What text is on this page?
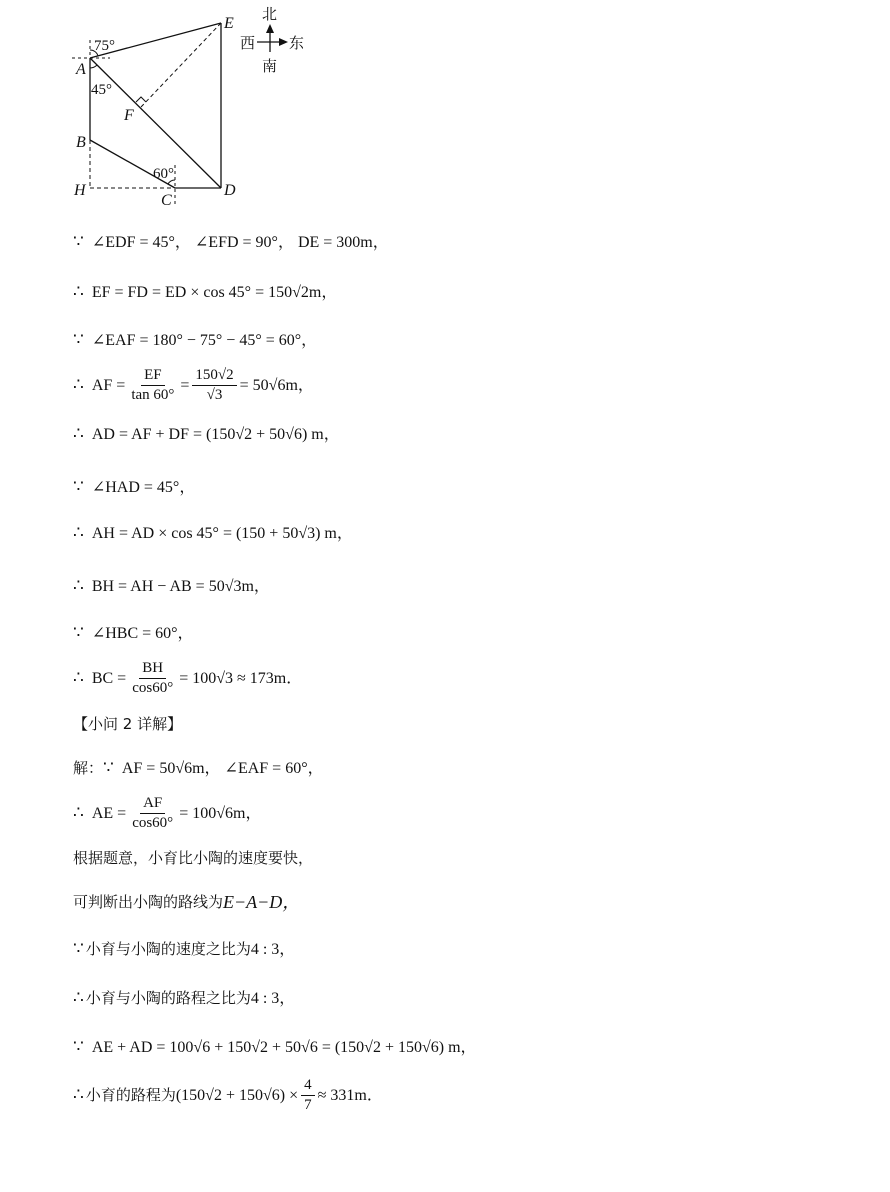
75°
45°
60°
A
B
H
C
D
E
F
北
西 东
南
∵ ∠EDF = 45°， ∠EFD = 90°， DE = 300m，
∴ EF = FD = ED × cos 45° = 150√2m，
∵ ∠EAF = 180° − 75° − 45° = 60°，
∴ AF = $\frac{EF}{\tan 60^\circ} = \frac{150√2}{√3} = 50√6m$，
∴ AD = AF + DF = (150√2 + 50√6) m，
∵ ∠HAD = 45°，
∴ AH = AD × cos 45° = (150 + 50√3) m，
∴ BH = AH − AB = 50√3m，
∵ ∠HBC = 60°，
∴ BC = $\frac{BH}{\cos 60^\circ} = 100√3 \approx 173m$．
【小问 2 详解】
解： ∵ AF = 50√6m， ∠EAF = 60°，
∴ AE = $\frac{AF}{\cos 60^\circ} = 100√6m$，
根据题意，小育比小陶的速度要快，
可判断出小陶的路线为 E−A−D，
∵ 小育与小陶的速度之比为 4 : 3，
∴ 小育与小陶的路程之比为 4 : 3，
∵ AE + AD = 100√6 + 150√2 + 50√6 = (150√2 + 150√6) m，
∴ 小育的路程为 $(150√2 + 150√6) \times \frac{4}{7} \approx 331m$．
